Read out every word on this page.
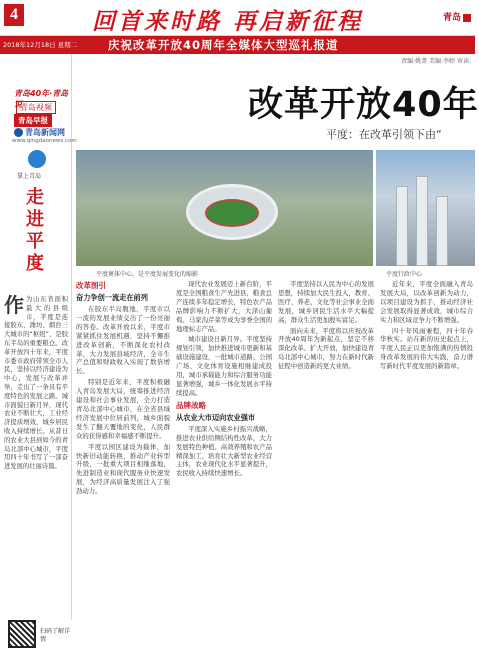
4	回首来时路 再启新征程	青岛
2018年12月18日 星期二	庆祝改革开放40周年全媒体大型巡礼报道
责编:姚菁 美编:李婷 审读:
青岛40年·青岛说
青岛视频
青岛早报
青岛新闻网
www.qingdaonews.com
掌上青岛
走进平度
作为山东省面积最大的县级市，平度是连接胶东、潍坊、烟台三大城市的“枢纽”，是胶东半岛的重要粮仓。改革开放四十年来，平度市委市政府带领全市人民，坚持以经济建设为中心，发展与改革并举，走出了一条具有平度特色的发展之路。城市面貌日新月异，现代农业不断壮大，工业经济提质增效，城乡居民收入持续增长。从昔日的农业大县到如今的青岛北部中心城市，平度用四十年书写了一部奋进发展的壮丽诗篇。
扫码了解详情
改革开放40年
平度：在改革引领下由“
平度奥体中心，是平度发展变化的缩影	平度行政中心

改革图引

奋力争创一流走在前列

在胶东半岛腹地，平度市以一流的发展业绩交出了一份亮丽的答卷。改革开放以来，平度市紧紧抓住发展机遇，坚持不懈推进改革创新，不断深化农村改革，大力发展县域经济，全市生产总值和财政收入实现了数倍增长。

特别是近年来，平度积极融入青岛发展大局，统筹推进经济建设和社会事业发展，全力打造青岛北部中心城市，在全省县域经济发展中位居前列，城乡面貌发生了翻天覆地的变化，人民群众的获得感和幸福感不断提升。

平度以园区建设为载体，加快新旧动能转换，推动产业转型升级，一批重大项目相继落地，先进制造业和现代服务业快速发展，为经济高质量发展注入了强劲动力。

现代农业发展迈上新台阶，平度是全国粮食生产先进县，粮食总产连续多年稳定增长，特色农产品品牌影响力不断扩大，大泽山葡萄、马家沟芹菜等成为享誉全国的地理标志产品。

城市建设日新月异。平度坚持规划引领，加快推进城市更新和基础设施建设，一批城市道路、公园广场、文化体育设施相继建成投用，城市承载能力和综合服务功能显著增强，城乡一体化发展水平持续提高。

品牌战略

从农业大市迈向农业强市

平度深入实施乡村振兴战略，推进农业供给侧结构性改革，大力发展特色种植、高效养殖和农产品精深加工，培育壮大新型农业经营主体，农业现代化水平显著提升，农民收入持续快速增长。

平度坚持以人民为中心的发展思想，持续加大民生投入，教育、医疗、养老、文化等社会事业全面发展，城乡居民生活水平大幅提高，群众生活更加殷实富足。

面向未来，平度将以庆祝改革开放40周年为新起点，坚定不移深化改革、扩大开放，加快建设青岛北部中心城市，努力在新时代新征程中创造新的更大业绩。

近年来，平度全面融入青岛发展大局，以改革创新为动力，以项目建设为抓手，推动经济社会发展取得显著成效，城市综合实力和区域竞争力不断增强。

四十年风雨兼程，四十年春华秋实。站在新的历史起点上，平度人民正以更加饱满的热情投身改革发展的伟大实践，奋力谱写新时代平度发展的新篇章。
